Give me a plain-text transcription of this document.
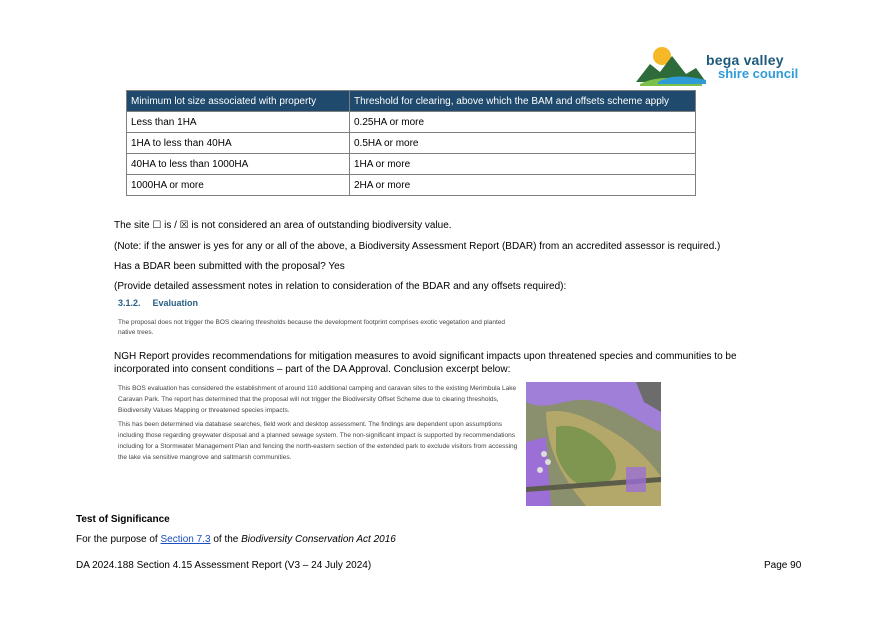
bega valley
shire council
Minimum lot size associated with property	Threshold for clearing, above which the BAM and offsets scheme apply
Less than 1HA	0.25HA or more
1HA to less than 40HA	0.5HA or more
40HA to less than 1000HA	1HA or more
1000HA or more	2HA or more
The site ☐ is / ☒ is not considered an area of outstanding biodiversity value.
(Note: if the answer is yes for any or all of the above, a Biodiversity Assessment Report (BDAR) from an accredited assessor is required.)
Has a BDAR been submitted with the proposal? Yes
(Provide detailed assessment notes in relation to consideration of the BDAR and any offsets required):
3.1.2. Evaluation
The proposal does not trigger the BOS clearing thresholds because the development footprint comprises exotic vegetation and planted native trees.
NGH Report provides recommendations for mitigation measures to avoid significant impacts upon threatened species and communities to be incorporated into consent conditions – part of the DA Approval. Conclusion excerpt below:

This BOS evaluation has considered the establishment of around 110 additional camping and caravan sites to the existing Merimbula Lake Caravan Park. The report has determined that the proposal will not trigger the Biodiversity Offset Scheme due to clearing thresholds, Biodiversity Values Mapping or threatened species impacts.

This has been determined via database searches, field work and desktop assessment. The findings are dependent upon assumptions including those regarding greywater disposal and a planned sewage system. The non-significant impact is supported by recommendations including for a Stormwater Management Plan and fencing the north-eastern section of the extended park to exclude visitors from accessing the lake via sensitive mangrove and saltmarsh communities.

Test of Significance
For the purpose of Section 7.3 of the Biodiversity Conservation Act 2016
DA 2024.188 Section 4.15 Assessment Report (V3 – 24 July 2024)	Page 90
